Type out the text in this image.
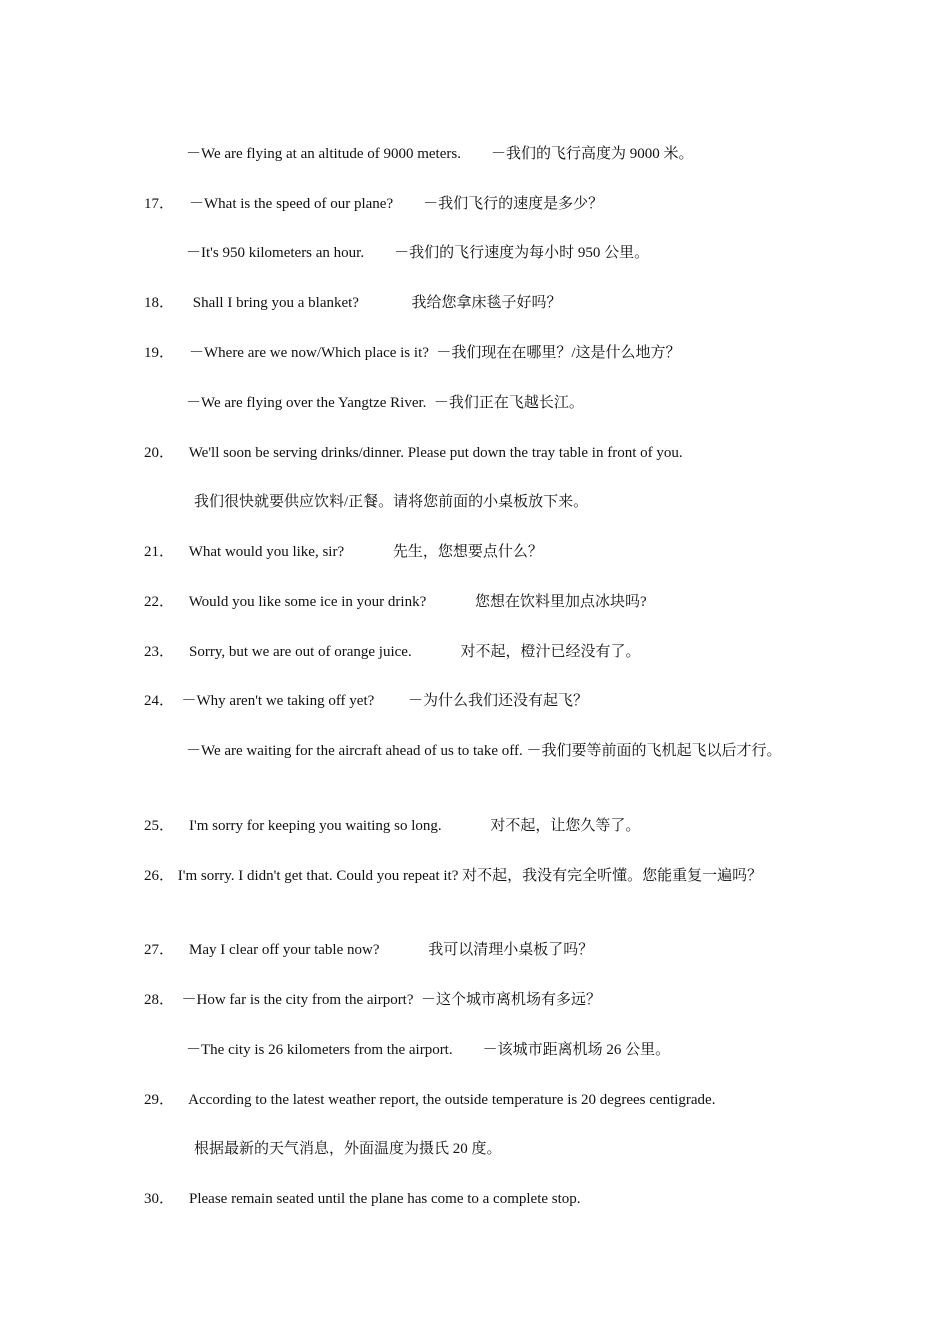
－We are flying at an altitude of 9000 meters.        －我们的飞行高度为 9000 米。
17．    －What is the speed of our plane?        －我们飞行的速度是多少？
－It's 950 kilometers an hour.        －我们的飞行速度为每小时 950 公里。
18．     Shall I bring you a blanket?              我给您拿床毯子好吗？
19．    －Where are we now/Which place is it?  －我们现在在哪里？/这是什么地方？
－We are flying over the Yangtze River.  －我们正在飞越长江。
20．    We'll soon be serving drinks/dinner. Please put down the tray table in front of you.
我们很快就要供应饮料/正餐。请将您前面的小桌板放下来。
21．    What would you like, sir?             先生，您想要点什么？
22．    Would you like some ice in your drink?             您想在饮料里加点冰块吗?
23．    Sorry, but we are out of orange juice.             对不起，橙汁已经没有了。
24．  －Why aren't we taking off yet?         －为什么我们还没有起飞？
－We are waiting for the aircraft ahead of us to take off. －我们要等前面的飞机起飞以后才行。
25．    I'm sorry for keeping you waiting so long.             对不起，让您久等了。
26． I'm sorry. I didn't get that. Could you repeat it? 对不起，我没有完全听懂。您能重复一遍吗？
27．    May I clear off your table now?             我可以清理小桌板了吗？
28．  －How far is the city from the airport?  －这个城市离机场有多远？
－The city is 26 kilometers from the airport.        －该城市距离机场 26 公里。
29．    According to the latest weather report, the outside temperature is 20 degrees centigrade.
根据最新的天气消息，外面温度为摄氏 20 度。
30．    Please remain seated until the plane has come to a complete stop.
